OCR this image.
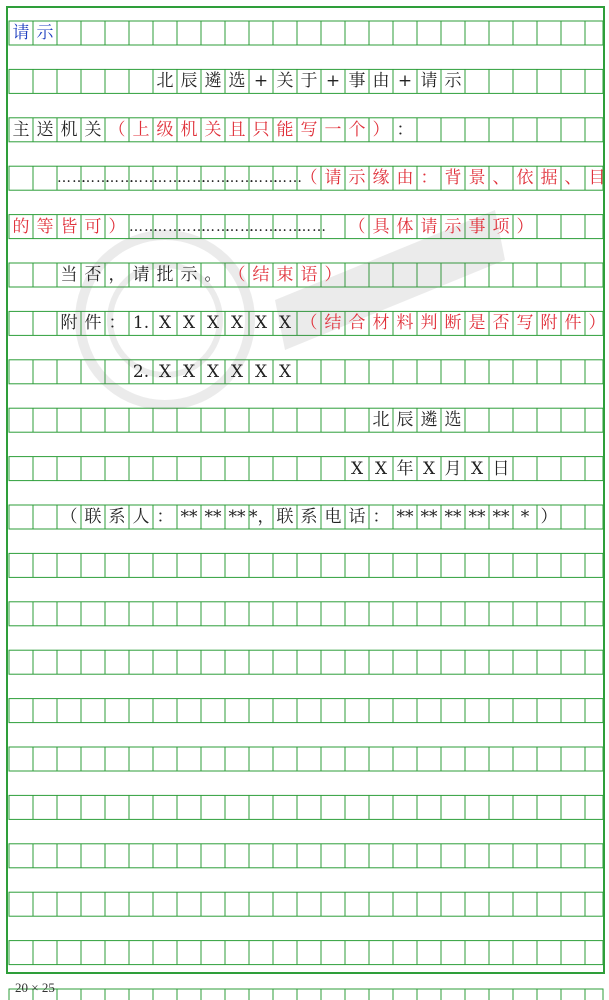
请 示
北 辰 遴 选 + 关 于 + 事 由 + 请 示
主 送 机 关 （ 上 级 机 关 且 只 能 写 一 个 ） ：
……
……
……
……
……
……
……
……
……
……
（ 请 示 缘 由 ： 背 景 、 依 据 、 目
的 等 皆 可 ） ……
……
……
……
……
……
……
…… （ 具 体 请 示 事 项 ）
当 否 ， 请 批 示 。 （ 结 束 语 ）
附 件 ： 1. X X X X X X （ 结 合 材 料 判 断 是 否 写 附 件 ）
2. X X X X X X
北 辰 遴 选
X X 年 X 月 X 日
（ 联 系 人 ： ** ** ** *， 联 系 电 话 ： ** ** ** ** ** * ）
20 × 25
